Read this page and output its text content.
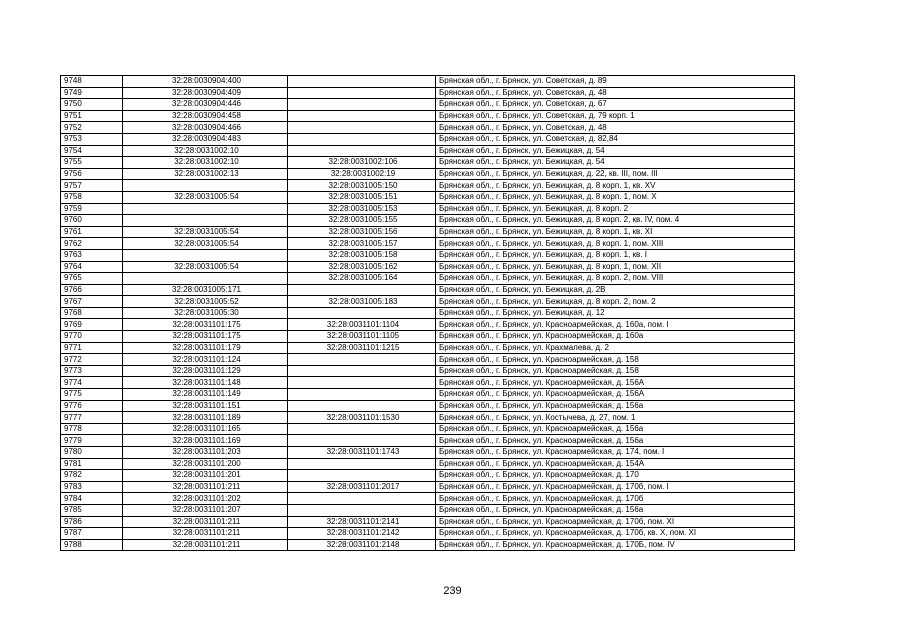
9748	32:28:0030904:400		Брянская обл., г. Брянск, ул. Советская, д. 89
9749	32:28:0030904:409		Брянская обл., г. Брянск, ул. Советская, д. 48
9750	32:28:0030904:446		Брянская обл., г. Брянск, ул. Советская, д. 67
9751	32:28:0030904:458		Брянская обл., г. Брянск, ул. Советская, д. 79 корп. 1
9752	32:28:0030904:466		Брянская обл., г. Брянск, ул. Советская, д. 48
9753	32:28:0030904:483		Брянская обл., г. Брянск, ул. Советская, д. 82,84
9754	32:28:0031002:10		Брянская обл., г. Брянск, ул. Бежицкая, д. 54
9755	32:28:0031002:10	32:28:0031002:106	Брянская обл., г. Брянск, ул. Бежицкая, д. 54
9756	32:28:0031002:13	32:28:0031002:19	Брянская обл., г. Брянск, ул. Бежицкая, д. 22, кв. III, пом. III
9757		32:28:0031005:150	Брянская обл., г. Брянск, ул. Бежицкая, д. 8 корп. 1, кв. XV
9758	32:28:0031005:54	32:28:0031005:151	Брянская обл., г. Брянск, ул. Бежицкая, д. 8 корп. 1, пом. X
9759		32:28:0031005:153	Брянская обл., г. Брянск, ул. Бежицкая, д. 8 корп. 2
9760		32:28:0031005:155	Брянская обл., г. Брянск, ул. Бежицкая, д. 8 корп. 2, кв. IV, пом. 4
9761	32:28:0031005:54	32:28:0031005:156	Брянская обл., г. Брянск, ул. Бежицкая, д. 8 корп. 1, кв. XI
9762	32:28:0031005:54	32:28:0031005:157	Брянская обл., г. Брянск, ул. Бежицкая, д. 8 корп. 1, пом. XIII
9763		32:28:0031005:158	Брянская обл., г. Брянск, ул. Бежицкая, д. 8 корп. 1, кв. I
9764	32:28:0031005:54	32:28:0031005:162	Брянская обл., г. Брянск, ул. Бежицкая, д. 8 корп. 1, пом. XII
9765		32:28:0031005:164	Брянская обл., г. Брянск, ул. Бежицкая, д. 8 корп. 2, пом. VIII
9766	32:28:0031005:171		Брянская обл., г. Брянск, ул. Бежицкая, д. 2В
9767	32:28:0031005:52	32:28:0031005:183	Брянская обл., г. Брянск, ул. Бежицкая, д. 8 корп. 2, пом. 2
9768	32:28:0031005:30		Брянская обл., г. Брянск, ул. Бежицкая, д. 12
9769	32:28:0031101:175	32:28:0031101:1104	Брянская обл., г. Брянск, ул. Красноармейская, д. 160а, пом. I
9770	32:28:0031101:175	32:28:0031101:1105	Брянская обл., г. Брянск, ул. Красноармейская, д. 160а
9771	32:28:0031101:179	32:28:0031101:1215	Брянская обл., г. Брянск, ул. Крахмалева, д. 2
9772	32:28:0031101:124		Брянская обл., г. Брянск, ул. Красноармейская, д. 158
9773	32:28:0031101:129		Брянская обл., г. Брянск, ул. Красноармейская, д. 158
9774	32:28:0031101:148		Брянская обл., г. Брянск, ул. Красноармейская, д. 156А
9775	32:28:0031101:149		Брянская обл., г. Брянск, ул. Красноармейская, д. 156А
9776	32:28:0031101:151		Брянская обл., г. Брянск, ул. Красноармейская, д. 156а
9777	32:28:0031101:189	32:28:0031101:1530	Брянская обл., г. Брянск, ул. Костычева, д. 27, пом. 1
9778	32:28:0031101:165		Брянская обл., г. Брянск, ул. Красноармейская, д. 156а
9779	32:28:0031101:169		Брянская обл., г. Брянск, ул. Красноармейская, д. 156а
9780	32:28:0031101:203	32:28:0031101:1743	Брянская обл., г. Брянск, ул. Красноармейская, д. 174, пом. I
9781	32:28:0031101:200		Брянская обл., г. Брянск, ул. Красноармейская, д. 154А
9782	32:28:0031101:201		Брянская обл., г. Брянск, ул. Красноармейская, д. 170
9783	32:28:0031101:211	32:28:0031101:2017	Брянская обл., г. Брянск, ул. Красноармейская, д. 170б, пом. I
9784	32:28:0031101:202		Брянская обл., г. Брянск, ул. Красноармейская, д. 170б
9785	32:28:0031101:207		Брянская обл., г. Брянск, ул. Красноармейская, д. 156а
9786	32:28:0031101:211	32:28:0031101:2141	Брянская обл., г. Брянск, ул. Красноармейская, д. 170б, пом. XI
9787	32:28:0031101:211	32:28:0031101:2142	Брянская обл., г. Брянск, ул. Красноармейская, д. 170б, кв. X, пом. XI
9788	32:28:0031101:211	32:28:0031101:2148	Брянская обл., г. Брянск, ул. Красноармейская, д. 170Б, пом. IV
239
